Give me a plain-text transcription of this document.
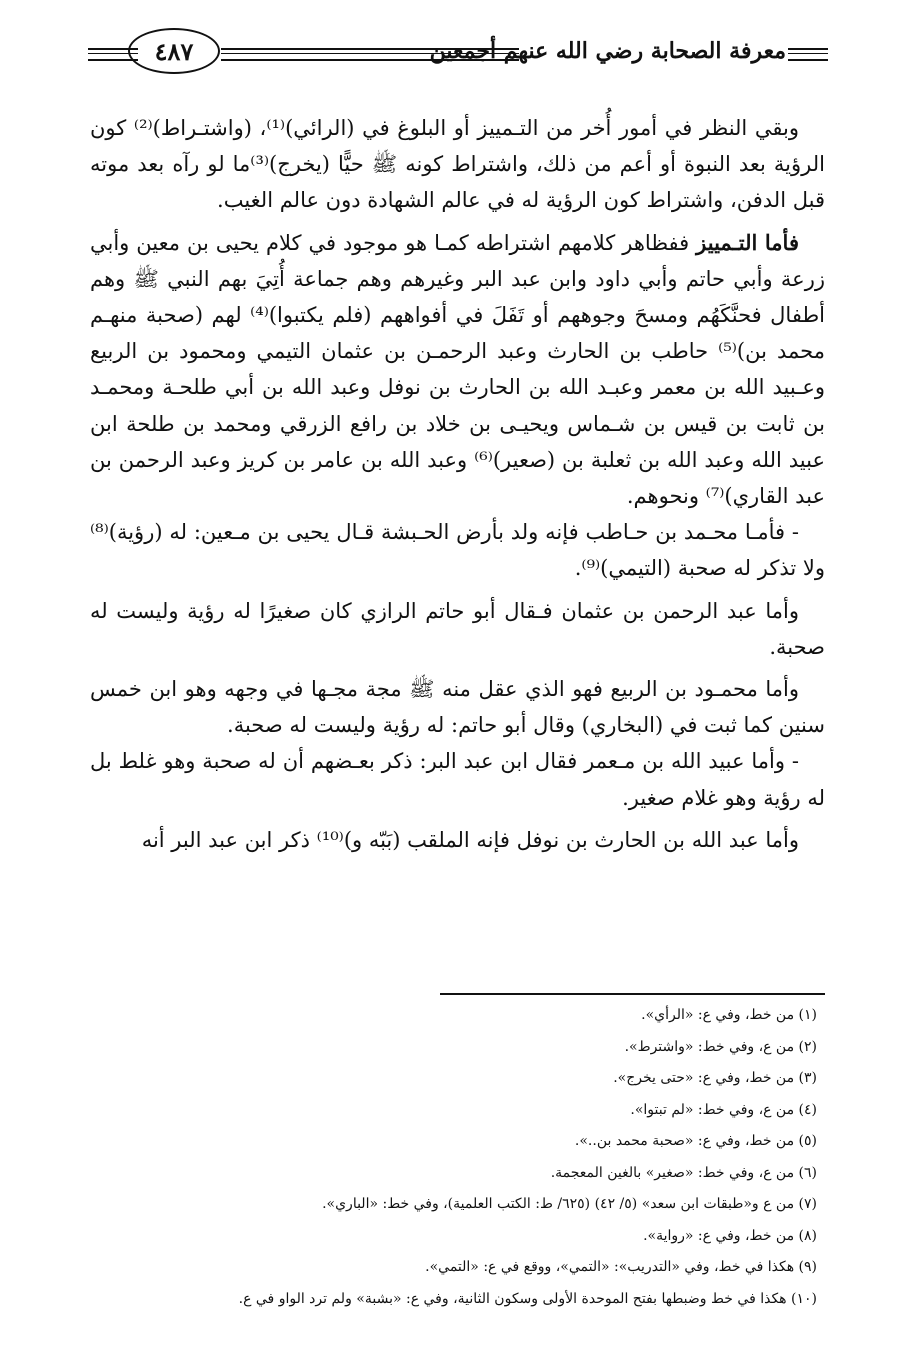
٤٨٧	معرفة الصحابة رضي الله عنهم أجمعين

وبقي النظر في أمور أُخر من التـمييز أو البلوغ في (الرائي)⁽¹⁾، (واشتـراط)⁽²⁾ كون الرؤية بعد النبوة أو أعم من ذلك، واشتراط كونه ﷺ حيًّا (يخرج)⁽³⁾ما لو رآه بعد موته قبل الدفن، واشتراط كون الرؤية له في عالم الشهادة دون عالم الغيب.

فأما التـمييز ففظاهر كلامهم اشتراطه كمـا هو موجود في كلام يحيى بن معين وأبي زرعة وأبي حاتم وأبي داود وابن عبد البر وغيرهم وهم جماعة أُتِيَ بهم النبي ﷺ وهم أطفال فحنَّكَهُم ومسحَ وجوههم أو تَفَلَ في أفواههم (فلم يكتبوا)⁽⁴⁾ لهم (صحبة منهـم محمد بن)⁽⁵⁾ حاطب بن الحارث وعبد الرحمـن بن عثمان التيمي ومحمود بن الربيع وعـبيد الله بن معمر وعبـد الله بن الحارث بن نوفل وعبد الله بن أبي طلحـة ومحمـد بن ثابت بن قيس بن شـماس ويحيـى بن خلاد بن رافع الزرقي ومحمد بن طلحة ابن عبيد الله وعبد الله بن ثعلبة بن (صعير)⁽⁶⁾ وعبد الله بن عامر بن كريز وعبد الرحمن بن عبد القاري)⁽⁷⁾ ونحوهم.

- فأمـا محـمد بن حـاطب فإنه ولد بأرض الحـبشة قـال يحيى بن مـعين: له (رؤية)⁽⁸⁾ ولا تذكر له صحبة (التيمي)⁽⁹⁾.

وأما عبد الرحمن بن عثمان فـقال أبو حاتم الرازي كان صغيرًا له رؤية وليست له صحبة.

وأما محمـود بن الربيع فهو الذي عقل منه ﷺ مجة مجـها في وجهه وهو ابن خمس سنين كما ثبت في (البخاري) وقال أبو حاتم: له رؤية وليست له صحبة.

- وأما عبيد الله بن مـعمر فقال ابن عبد البر: ذكر بعـضهم أن له صحبة وهو غلط بل له رؤية وهو غلام صغير.

وأما عبد الله بن الحارث بن نوفل فإنه الملقب (بَبّه و)⁽¹⁰⁾ ذكر ابن عبد البر أنه

(١) من خط، وفي ع: «الرأي».
(٢) من ع، وفي خط: «واشترط».
(٣) من خط، وفي ع: «حتى يخرج».
(٤) من ع، وفي خط: «لم تبتوا».
(٥) من خط، وفي ع: «صحبة محمد بن..».
(٦) من ع، وفي خط: «صغير» بالغين المعجمة.
(٧) من ع و«طبقات ابن سعد» (٥/ ٤٢) (٦٢٥/ ط: الكتب العلمية)، وفي خط: «الباري».
(٨) من خط، وفي ع: «رواية».
(٩) هكذا في خط، وفي «التدريب»: «التمي»، ووقع في ع: «التمي».
(١٠) هكذا في خط وضبطها بفتح الموحدة الأولى وسكون الثانية، وفي ع: «بشبة» ولم ترد الواو في ع.
